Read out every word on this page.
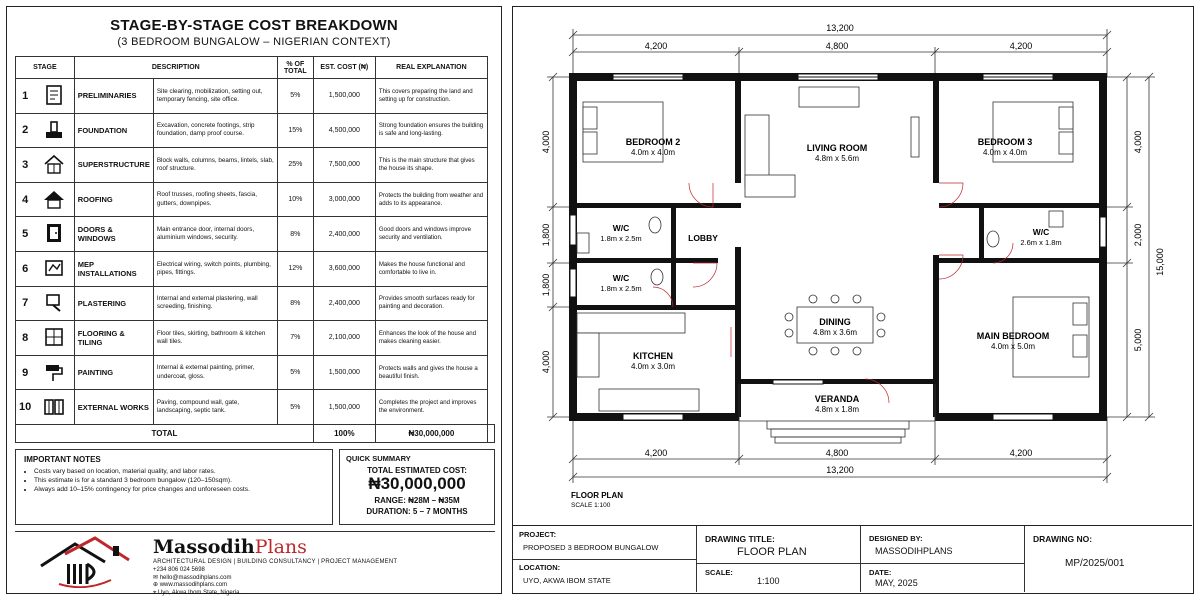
STAGE-BY-STAGE COST BREAKDOWN
(3 BEDROOM BUNGALOW – NIGERIAN CONTEXT)
STAGE		DESCRIPTION		% OF TOTAL	EST. COST (₦)	REAL EXPLANATION	
1		PRELIMINARIES	Site clearing, mobilization, setting out, temporary fencing, site office.	5%	1,500,000	This covers preparing the land and setting up for construction.	
2		FOUNDATION	Excavation, concrete footings, strip foundation, damp proof course.	15%	4,500,000	Strong foundation ensures the building is safe and long-lasting.	
3		SUPERSTRUCTURE	Block walls, columns, beams, lintels, slab, roof structure.	25%	7,500,000	This is the main structure that gives the house its shape.	
4		ROOFING	Roof trusses, roofing sheets, fascia, gutters, downpipes.	10%	3,000,000	Protects the building from weather and adds to its appearance.	
5		DOORS & WINDOWS	Main entrance door, internal doors, aluminium windows, security.	8%	2,400,000	Good doors and windows improve security and ventilation.	
6		MEP INSTALLATIONS	Electrical wiring, switch points, plumbing, pipes, fittings.	12%	3,600,000	Makes the house functional and comfortable to live in.	
7		PLASTERING	Internal and external plastering, wall screeding, finishing.	8%	2,400,000	Provides smooth surfaces ready for painting and decoration.	
8		FLOORING & TILING	Floor tiles, skirting, bathroom & kitchen wall tiles.	7%	2,100,000	Enhances the look of the house and makes cleaning easier.	
9		PAINTING	Internal & external painting, primer, undercoat, gloss.	5%	1,500,000	Protects walls and gives the house a beautiful finish.	
10		EXTERNAL WORKS	Paving, compound wall, gate, landscaping, septic tank.	5%	1,500,000	Completes the project and improves the environment.	
TOTAL					100%	₦30,000,000	
IMPORTANT NOTES
• Costs vary based on location, material quality, and labor rates.
• This estimate is for a standard 3 bedroom bungalow (120–150sqm).
• Always add 10–15% contingency for price changes and unforeseen costs.
QUICK SUMMARY
TOTAL ESTIMATED COST:
₦30,000,000
RANGE: ₦28M – ₦35M
DURATION: 5 – 7 MONTHS
MassodihPlans
ARCHITECTURAL DESIGN | BUILDING CONSULTANCY | PROJECT MANAGEMENT
+234 806 024 5698
✉ hello@massodihplans.com
⊕ www.massodihplans.com
⌖ Uyo, Akwa Ibom State, Nigeria.
13,200
4,200	4,800	4,200
4,200	4,800	4,200
13,200
4,000
1,800
1,800
4,000
4,000
2,000
5,000
15,000
BEDROOM 2
4.0m x 4.0m	LIVING ROOM
4.8m x 5.6m
BEDROOM 3
4.0m x 4.0m
W/C
1.8m x 2.5m	LOBBY
W/C
2.6m x 1.8m
W/C
1.8m x 2.5m
DINING
4.8m x 3.6m	MAIN BEDROOM
4.0m x 5.0m
KITCHEN
4.0m x 3.0m
VERANDA
4.8m x 1.8m
FLOOR PLAN
SCALE 1:100
PROJECT:
PROPOSED 3 BEDROOM BUNGALOW
LOCATION:
UYO, AKWA IBOM STATE
DRAWING TITLE:
FLOOR PLAN
SCALE:
1:100
DESIGNED BY:
MASSODIHPLANS
DATE:
MAY, 2025
DRAWING NO:
MP/2025/001
